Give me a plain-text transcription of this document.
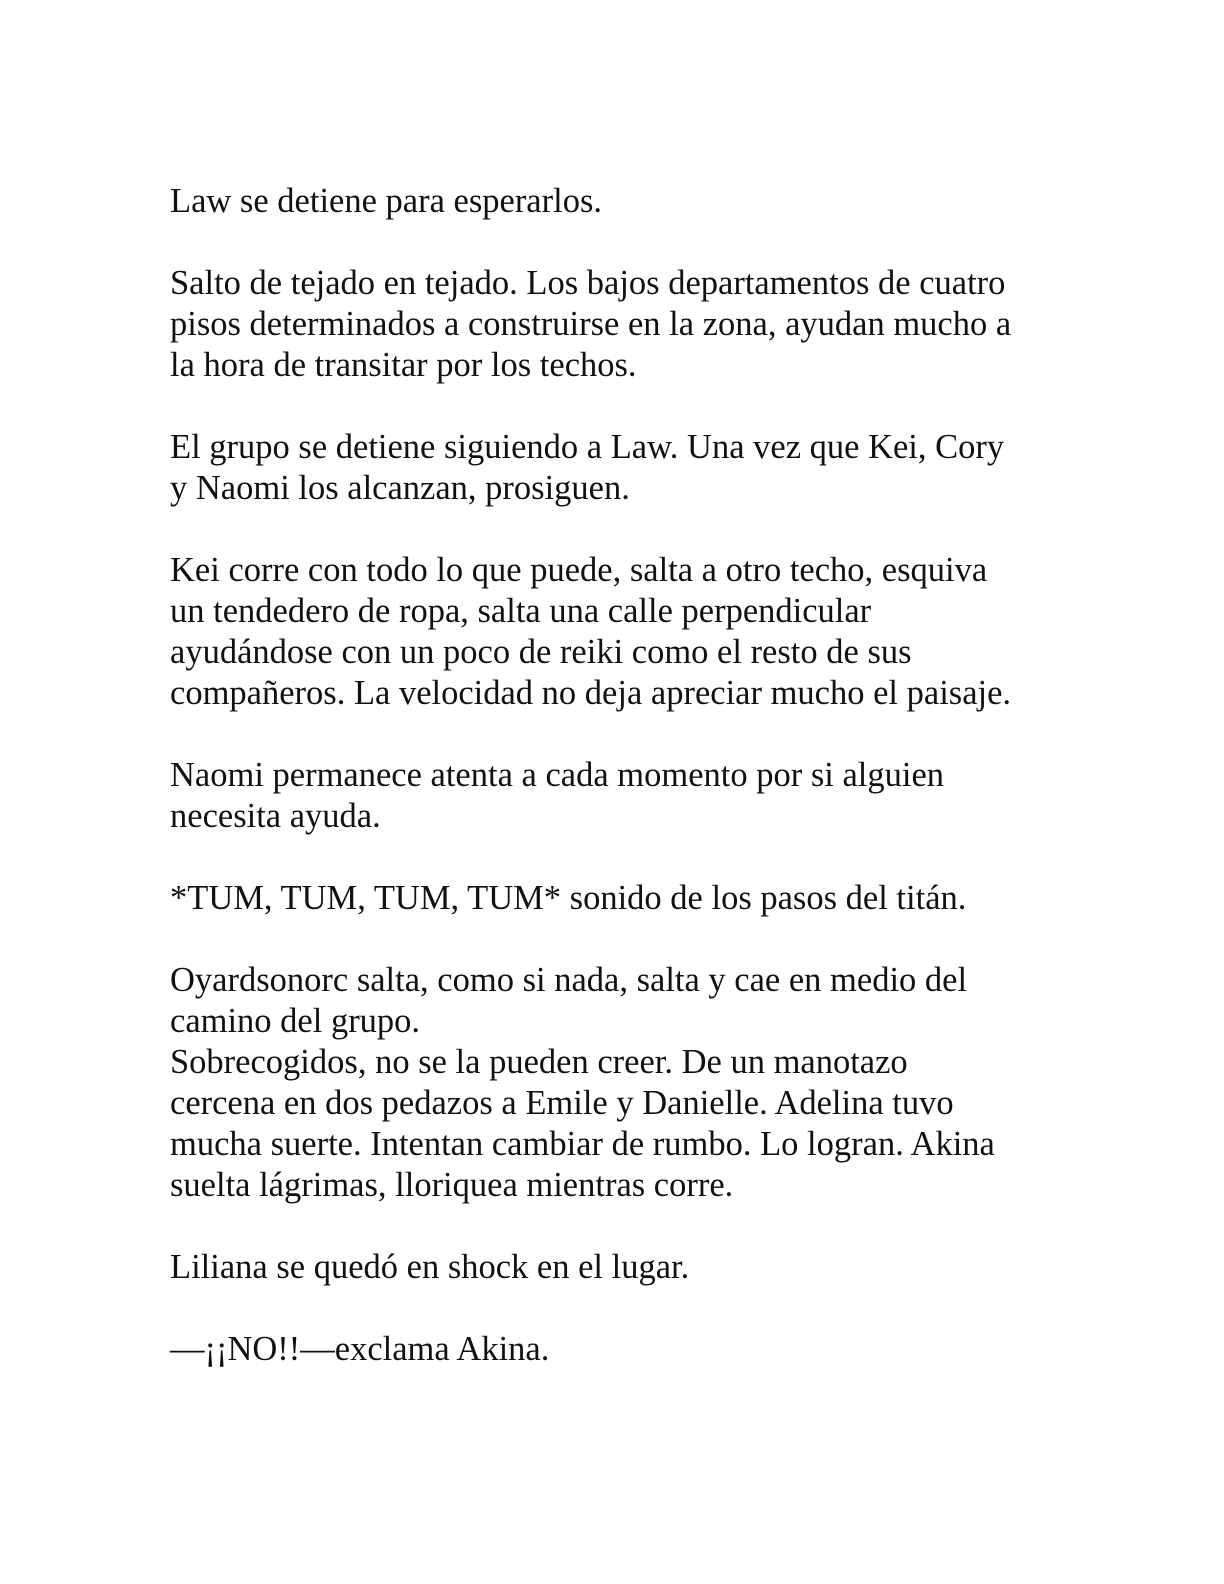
Law se detiene para esperarlos.

Salto de tejado en tejado. Los bajos departamentos de cuatro
pisos determinados a construirse en la zona, ayudan mucho a
la hora de transitar por los techos.

El grupo se detiene siguiendo a Law. Una vez que Kei, Cory
y Naomi los alcanzan, prosiguen.

Kei corre con todo lo que puede, salta a otro techo, esquiva
un tendedero de ropa, salta una calle perpendicular
ayudándose con un poco de reiki como el resto de sus
compañeros. La velocidad no deja apreciar mucho el paisaje.

Naomi permanece atenta a cada momento por si alguien
necesita ayuda.

*TUM, TUM, TUM, TUM* sonido de los pasos del titán.

Oyardsonorc salta, como si nada, salta y cae en medio del
camino del grupo.

Sobrecogidos, no se la pueden creer. De un manotazo
cercena en dos pedazos a Emile y Danielle. Adelina tuvo
mucha suerte. Intentan cambiar de rumbo. Lo logran. Akina
suelta lágrimas, lloriquea mientras corre.

Liliana se quedó en shock en el lugar.

—¡¡NO!!—exclama Akina.
